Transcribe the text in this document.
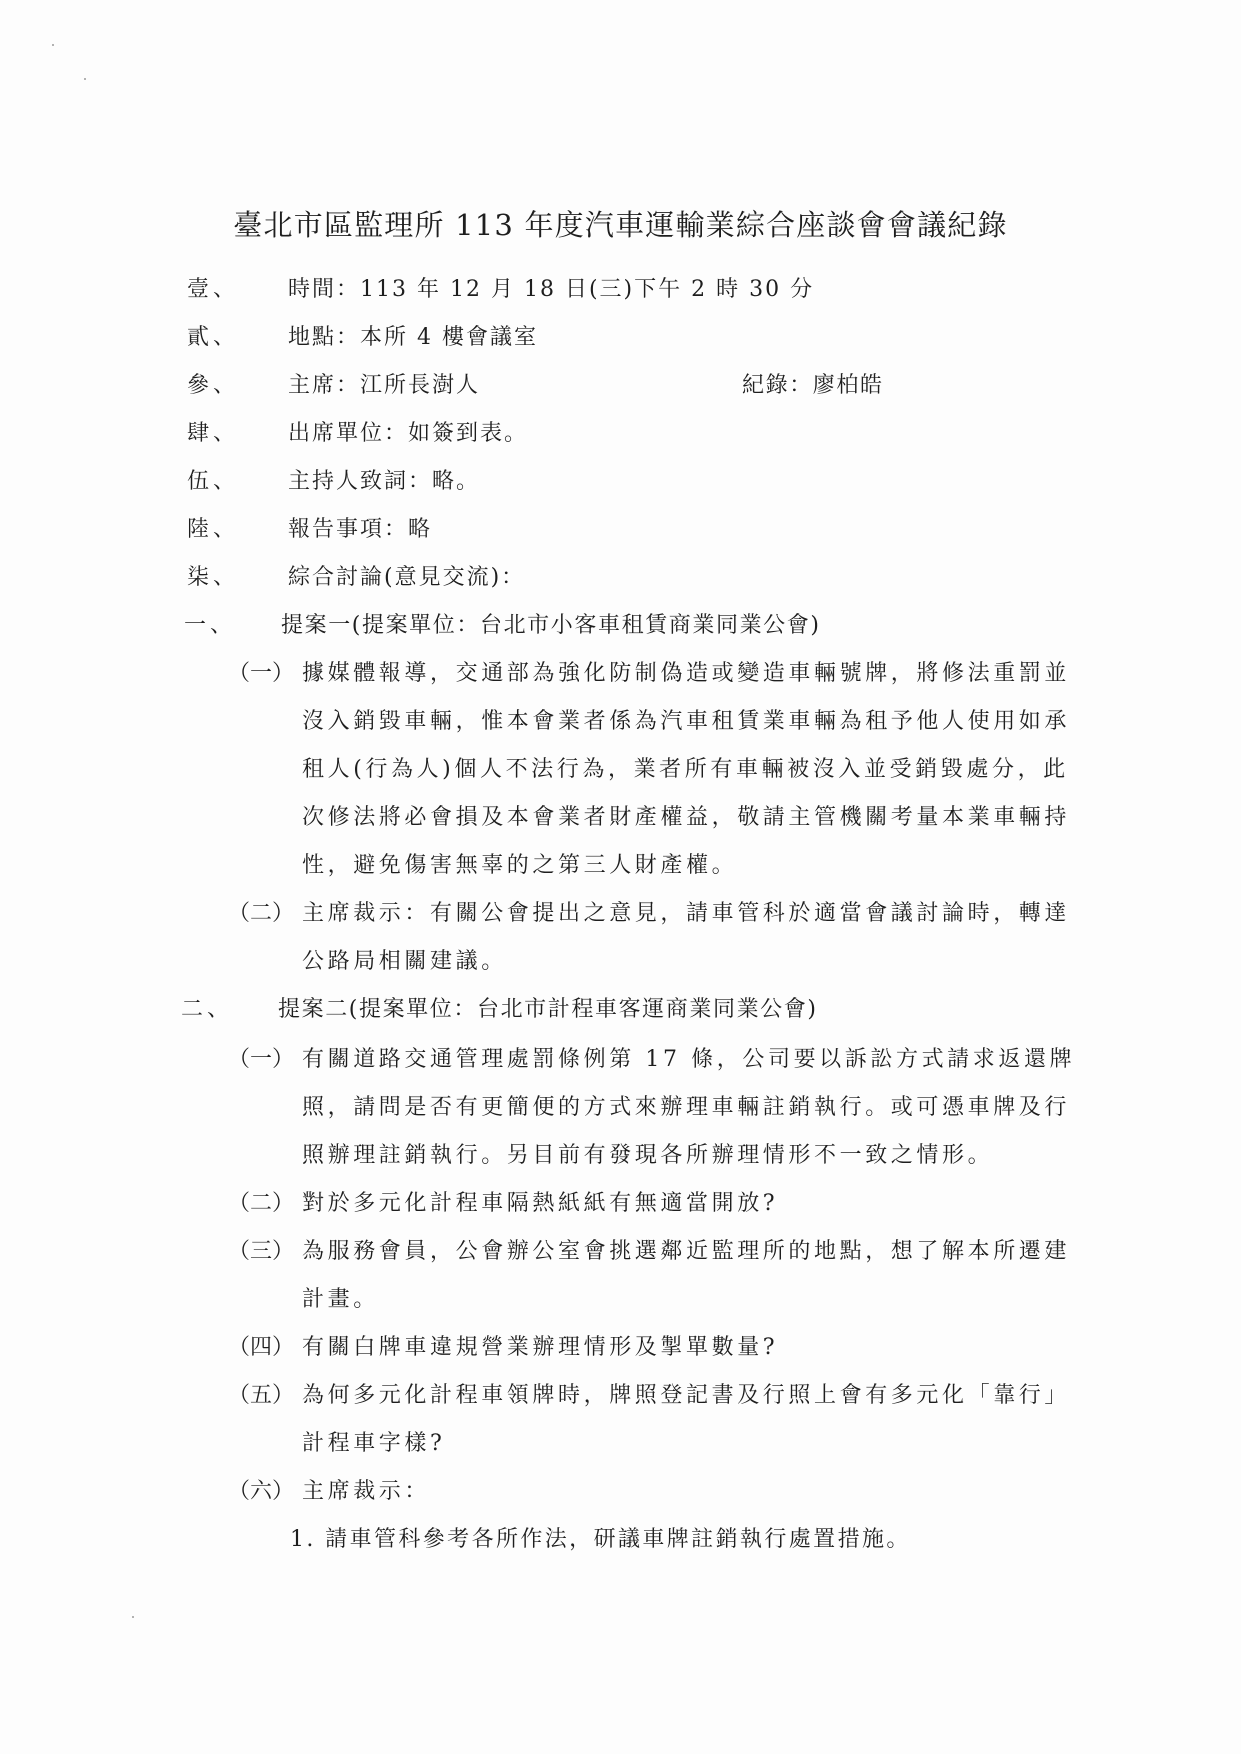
臺北市區監理所 113 年度汽車運輸業綜合座談會會議紀錄
壹、 時間：113 年 12 月 18 日(三)下午 2 時 30 分
貳、 地點：本所 4 樓會議室
參、 主席：江所長澍人	紀錄：廖柏皓
肆、 出席單位：如簽到表。
伍、 主持人致詞：略。
陸、 報告事項：略
柒、 綜合討論(意見交流)：
一、 提案一(提案單位：台北市小客車租賃商業同業公會)
（一） 據媒體報導，交通部為強化防制偽造或變造車輛號牌，將修法重罰並
沒入銷毀車輛，惟本會業者係為汽車租賃業車輛為租予他人使用如承
租人(行為人)個人不法行為，業者所有車輛被沒入並受銷毀處分，此
次修法將必會損及本會業者財產權益，敬請主管機關考量本業車輛持
性，避免傷害無辜的之第三人財產權。
（二） 主席裁示：有關公會提出之意見，請車管科於適當會議討論時，轉達
公路局相關建議。
二、 提案二(提案單位：台北市計程車客運商業同業公會)
（一） 有關道路交通管理處罰條例第 17 條，公司要以訴訟方式請求返還牌
照，請問是否有更簡便的方式來辦理車輛註銷執行。或可憑車牌及行
照辦理註銷執行。另目前有發現各所辦理情形不一致之情形。
（二） 對於多元化計程車隔熱紙紙有無適當開放?
（三） 為服務會員，公會辦公室會挑選鄰近監理所的地點，想了解本所遷建
計畫。
（四） 有關白牌車違規營業辦理情形及掣單數量?
（五） 為何多元化計程車領牌時，牌照登記書及行照上會有多元化「靠行」
計程車字樣?
（六） 主席裁示：
1. 請車管科參考各所作法，研議車牌註銷執行處置措施。
